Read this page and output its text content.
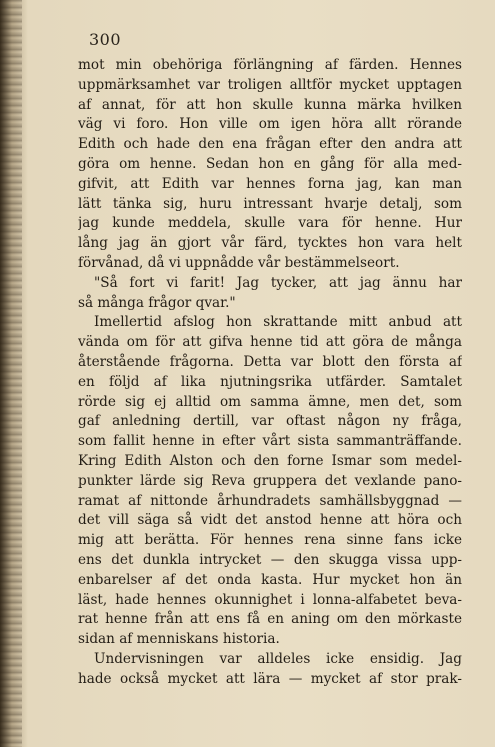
300
mot min obehöriga förlängning af färden. Hennes
uppmärksamhet var troligen alltför mycket upptagen
af annat, för att hon skulle kunna märka hvilken
väg vi foro. Hon ville om igen höra allt rörande
Edith och hade den ena frågan efter den andra att
göra om henne. Sedan hon en gång för alla med-
gifvit, att Edith var hennes forna jag, kan man
lätt tänka sig, huru intressant hvarje detalj, som
jag kunde meddela, skulle vara för henne. Hur
lång jag än gjort vår färd, tycktes hon vara helt
förvånad, då vi uppnådde vår bestämmelseort.
"Så fort vi farit! Jag tycker, att jag ännu har
så många frågor qvar."
Imellertid afslog hon skrattande mitt anbud att
vända om för att gifva henne tid att göra de många
återstående frågorna. Detta var blott den första af
en följd af lika njutningsrika utfärder. Samtalet
rörde sig ej alltid om samma ämne, men det, som
gaf anledning dertill, var oftast någon ny fråga,
som fallit henne in efter vårt sista sammanträffande.
Kring Edith Alston och den forne Ismar som medel-
punkter lärde sig Reva gruppera det vexlande pano-
ramat af nittonde århundradets samhällsbyggnad —
det vill säga så vidt det anstod henne att höra och
mig att berätta. För hennes rena sinne fans icke
ens det dunkla intrycket — den skugga vissa upp-
enbarelser af det onda kasta. Hur mycket hon än
läst, hade hennes okunnighet i lonna-alfabetet beva-
rat henne från att ens få en aning om den mörkaste
sidan af menniskans historia.
Undervisningen var alldeles icke ensidig. Jag
hade också mycket att lära — mycket af stor prak-
